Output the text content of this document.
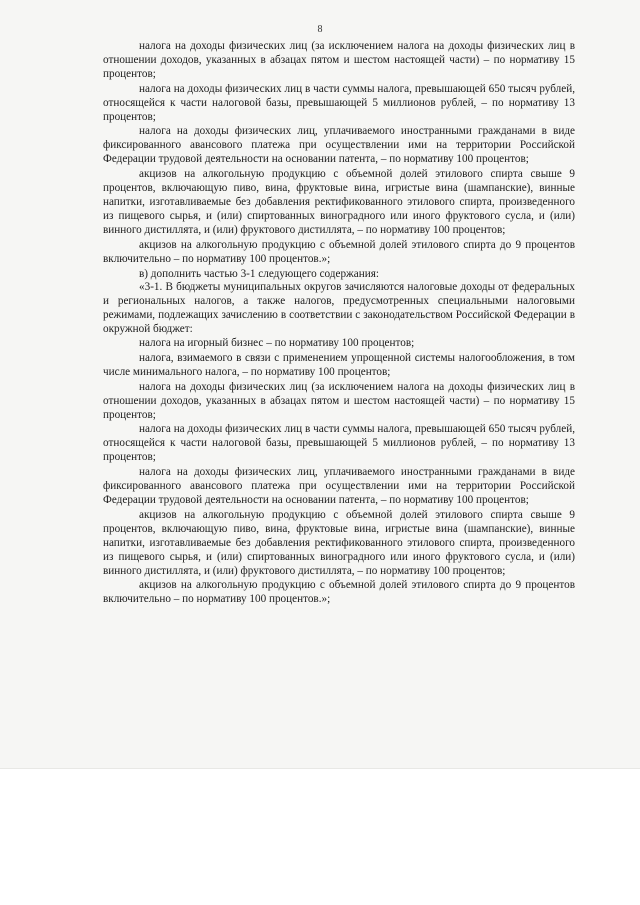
8

налога на доходы физических лиц (за исключением налога на доходы физических лиц в отношении доходов, указанных в абзацах пятом и шестом настоящей части) – по нормативу 15 процентов;

налога на доходы физических лиц в части суммы налога, превышающей 650 тысяч рублей, относящейся к части налоговой базы, превышающей 5 миллионов рублей, – по нормативу 13 процентов;

налога на доходы физических лиц, уплачиваемого иностранными гражданами в виде фиксированного авансового платежа при осуществлении ими на территории Российской Федерации трудовой деятельности на основании патента, – по нормативу 100 процентов;

акцизов на алкогольную продукцию с объемной долей этилового спирта свыше 9 процентов, включающую пиво, вина, фруктовые вина, игристые вина (шампанские), винные напитки, изготавливаемые без добавления ректификованного этилового спирта, произведенного из пищевого сырья, и (или) спиртованных виноградного или иного фруктового сусла, и (или) винного дистиллята, и (или) фруктового дистиллята, – по нормативу 100 процентов;

акцизов на алкогольную продукцию с объемной долей этилового спирта до 9 процентов включительно – по нормативу 100 процентов.»;

в) дополнить частью 3-1 следующего содержания:

«3-1. В бюджеты муниципальных округов зачисляются налоговые доходы от федеральных и региональных налогов, а также налогов, предусмотренных специальными налоговыми режимами, подлежащих зачислению в соответствии с законодательством Российской Федерации в окружной бюджет:

налога на игорный бизнес – по нормативу 100 процентов;

налога, взимаемого в связи с применением упрощенной системы налогообложения, в том числе минимального налога, – по нормативу 100 процентов;

налога на доходы физических лиц (за исключением налога на доходы физических лиц в отношении доходов, указанных в абзацах пятом и шестом настоящей части) – по нормативу 15 процентов;

налога на доходы физических лиц в части суммы налога, превышающей 650 тысяч рублей, относящейся к части налоговой базы, превышающей 5 миллионов рублей, – по нормативу 13 процентов;

налога на доходы физических лиц, уплачиваемого иностранными гражданами в виде фиксированного авансового платежа при осуществлении ими на территории Российской Федерации трудовой деятельности на основании патента, – по нормативу 100 процентов;

акцизов на алкогольную продукцию с объемной долей этилового спирта свыше 9 процентов, включающую пиво, вина, фруктовые вина, игристые вина (шампанские), винные напитки, изготавливаемые без добавления ректификованного этилового спирта, произведенного из пищевого сырья, и (или) спиртованных виноградного или иного фруктового сусла, и (или) винного дистиллята, и (или) фруктового дистиллята, – по нормативу 100 процентов;

акцизов на алкогольную продукцию с объемной долей этилового спирта до 9 процентов включительно – по нормативу 100 процентов.»;
